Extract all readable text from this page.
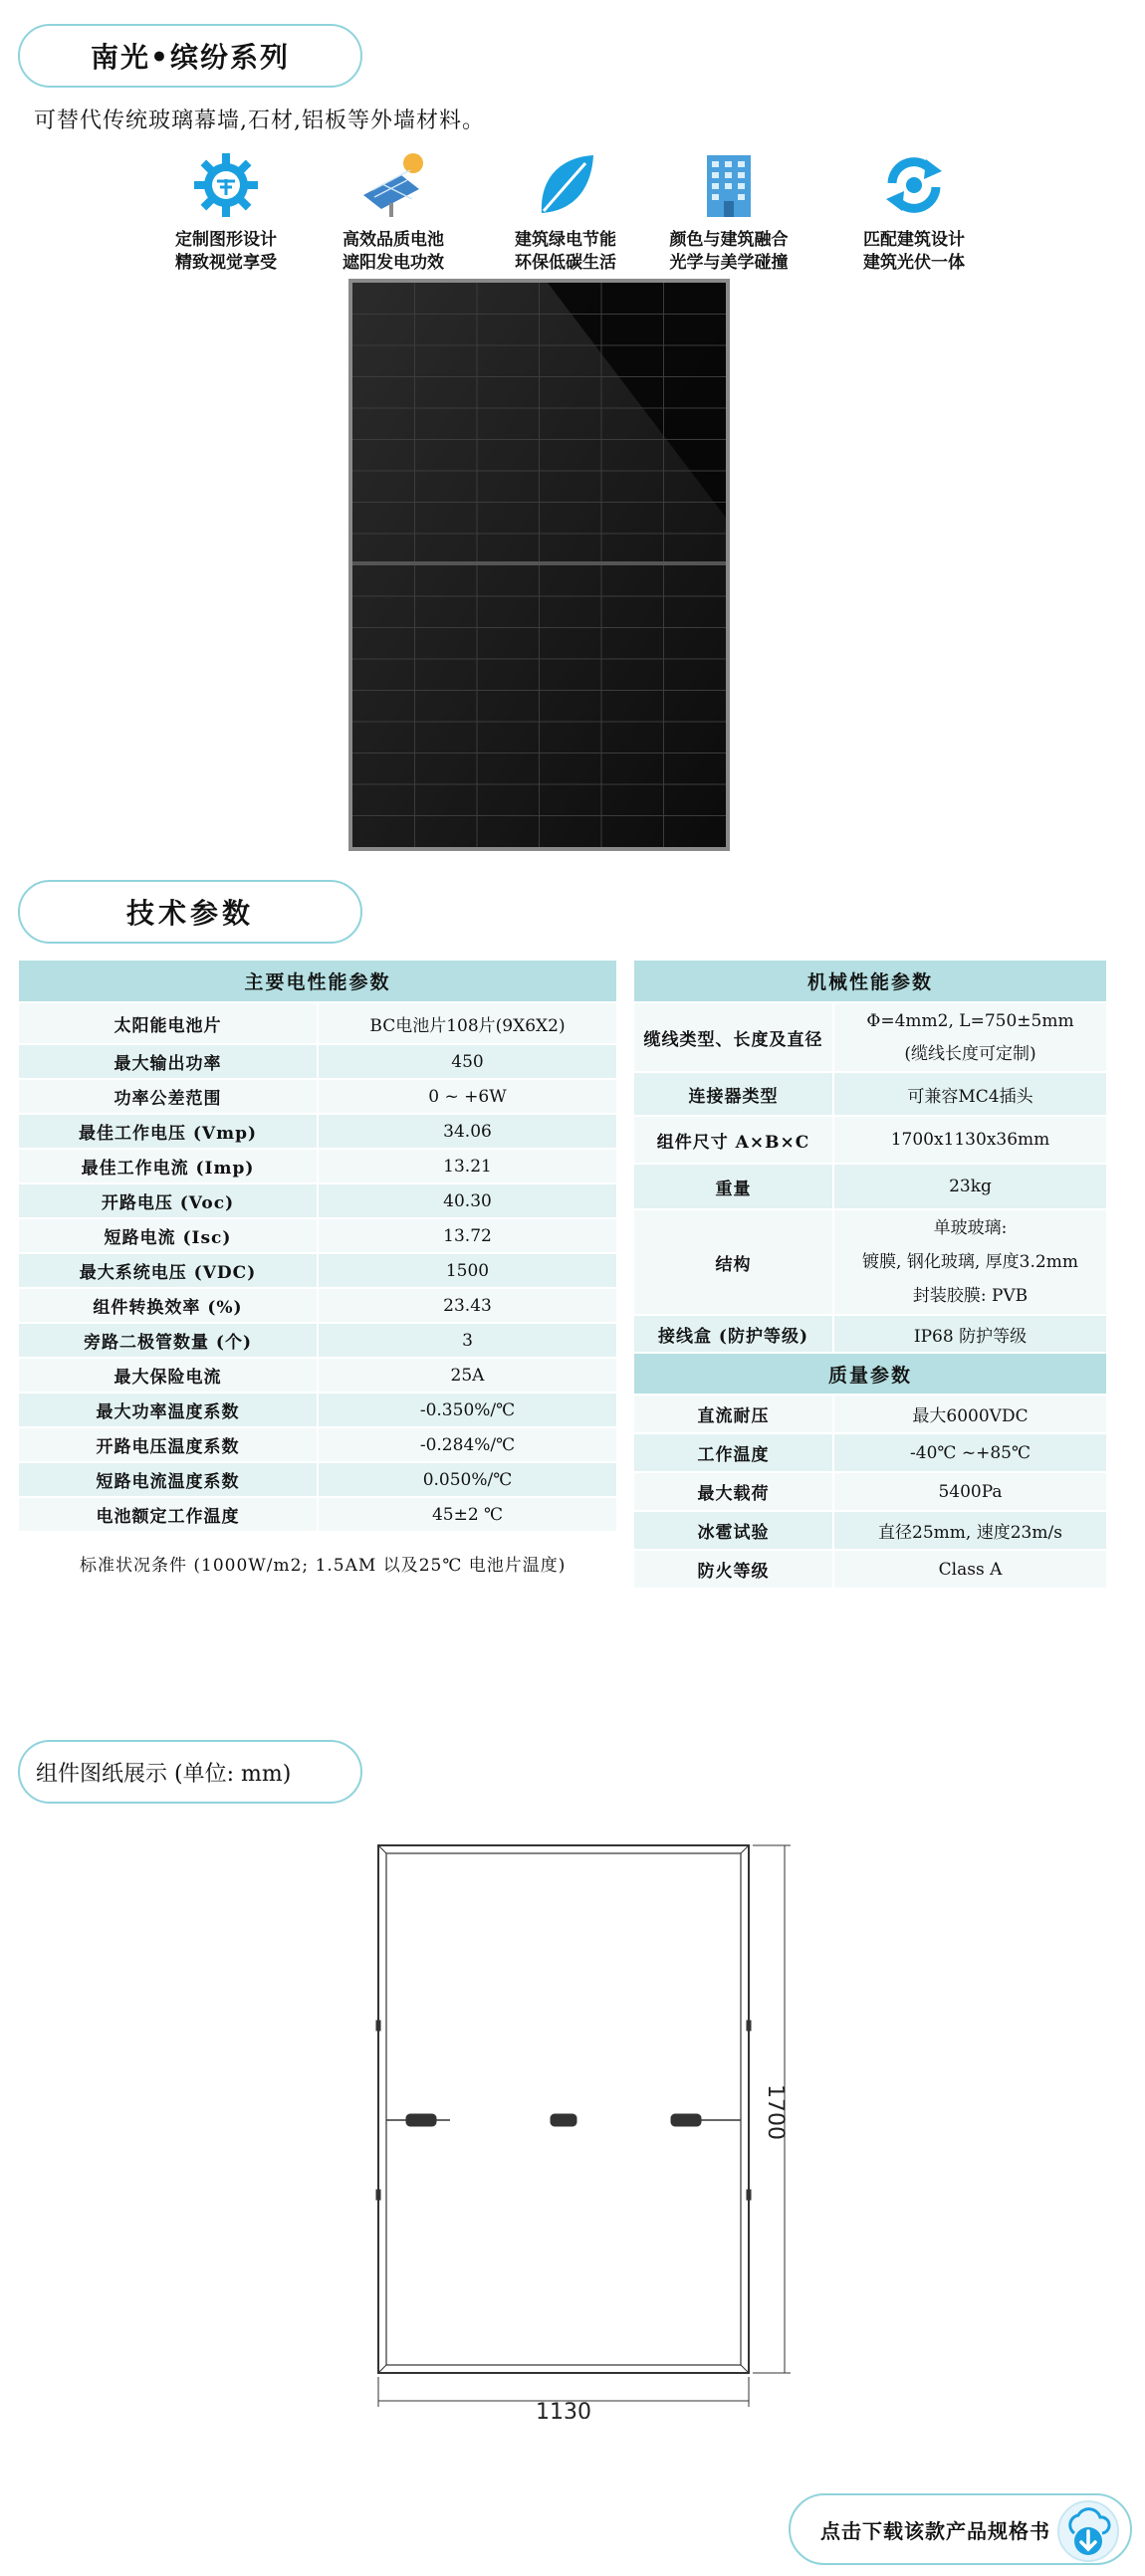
南光•缤纷系列
可替代传统玻璃幕墙,石材,铝板等外墙材料。
定制图形设计
精致视觉享受
高效品质电池
遮阳发电功效
建筑绿电节能
环保低碳生活
颜色与建筑融合
光学与美学碰撞
匹配建筑设计
建筑光伏一体
技术参数
主要电性能参数	
太阳能电池片	BC电池片108片(9X6X2)
最大输出功率	450
功率公差范围	0 ~ +6W
最佳工作电压 (Vmp)	34.06
最佳工作电流 (Imp)	13.21
开路电压 (Voc)	40.30
短路电流 (Isc)	13.72
最大系统电压 (VDC)	1500
组件转换效率 (%)	23.43
旁路二极管数量 (个)	3
最大保险电流	25A
最大功率温度系数	-0.350%/℃
开路电压温度系数	-0.284%/℃
短路电流温度系数	0.050%/℃
电池额定工作温度	45±2 ℃
标准状况条件 (1000W/m2; 1.5AM 以及25℃ 电池片温度)
机械性能参数	
缆线类型、长度及直径	Φ=4mm2, L=750±5mm
(缆线长度可定制)

连接器类型	可兼容MC4插头
组件尺寸 A×B×C	1700x1130x36mm
重量	23kg
结构	单玻玻璃:
镀膜, 钢化玻璃, 厚度3.2mm
封装胶膜: PVB

接线盒 (防护等级)	IP68 防护等级
质量参数	
直流耐压	最大6000VDC
工作温度	-40℃ ~+85℃
最大载荷	5400Pa
冰雹试验	直径25mm, 速度23m/s
防火等级	Class A
组件图纸展示 (单位: mm)
1130
1700
点击下载该款产品规格书
